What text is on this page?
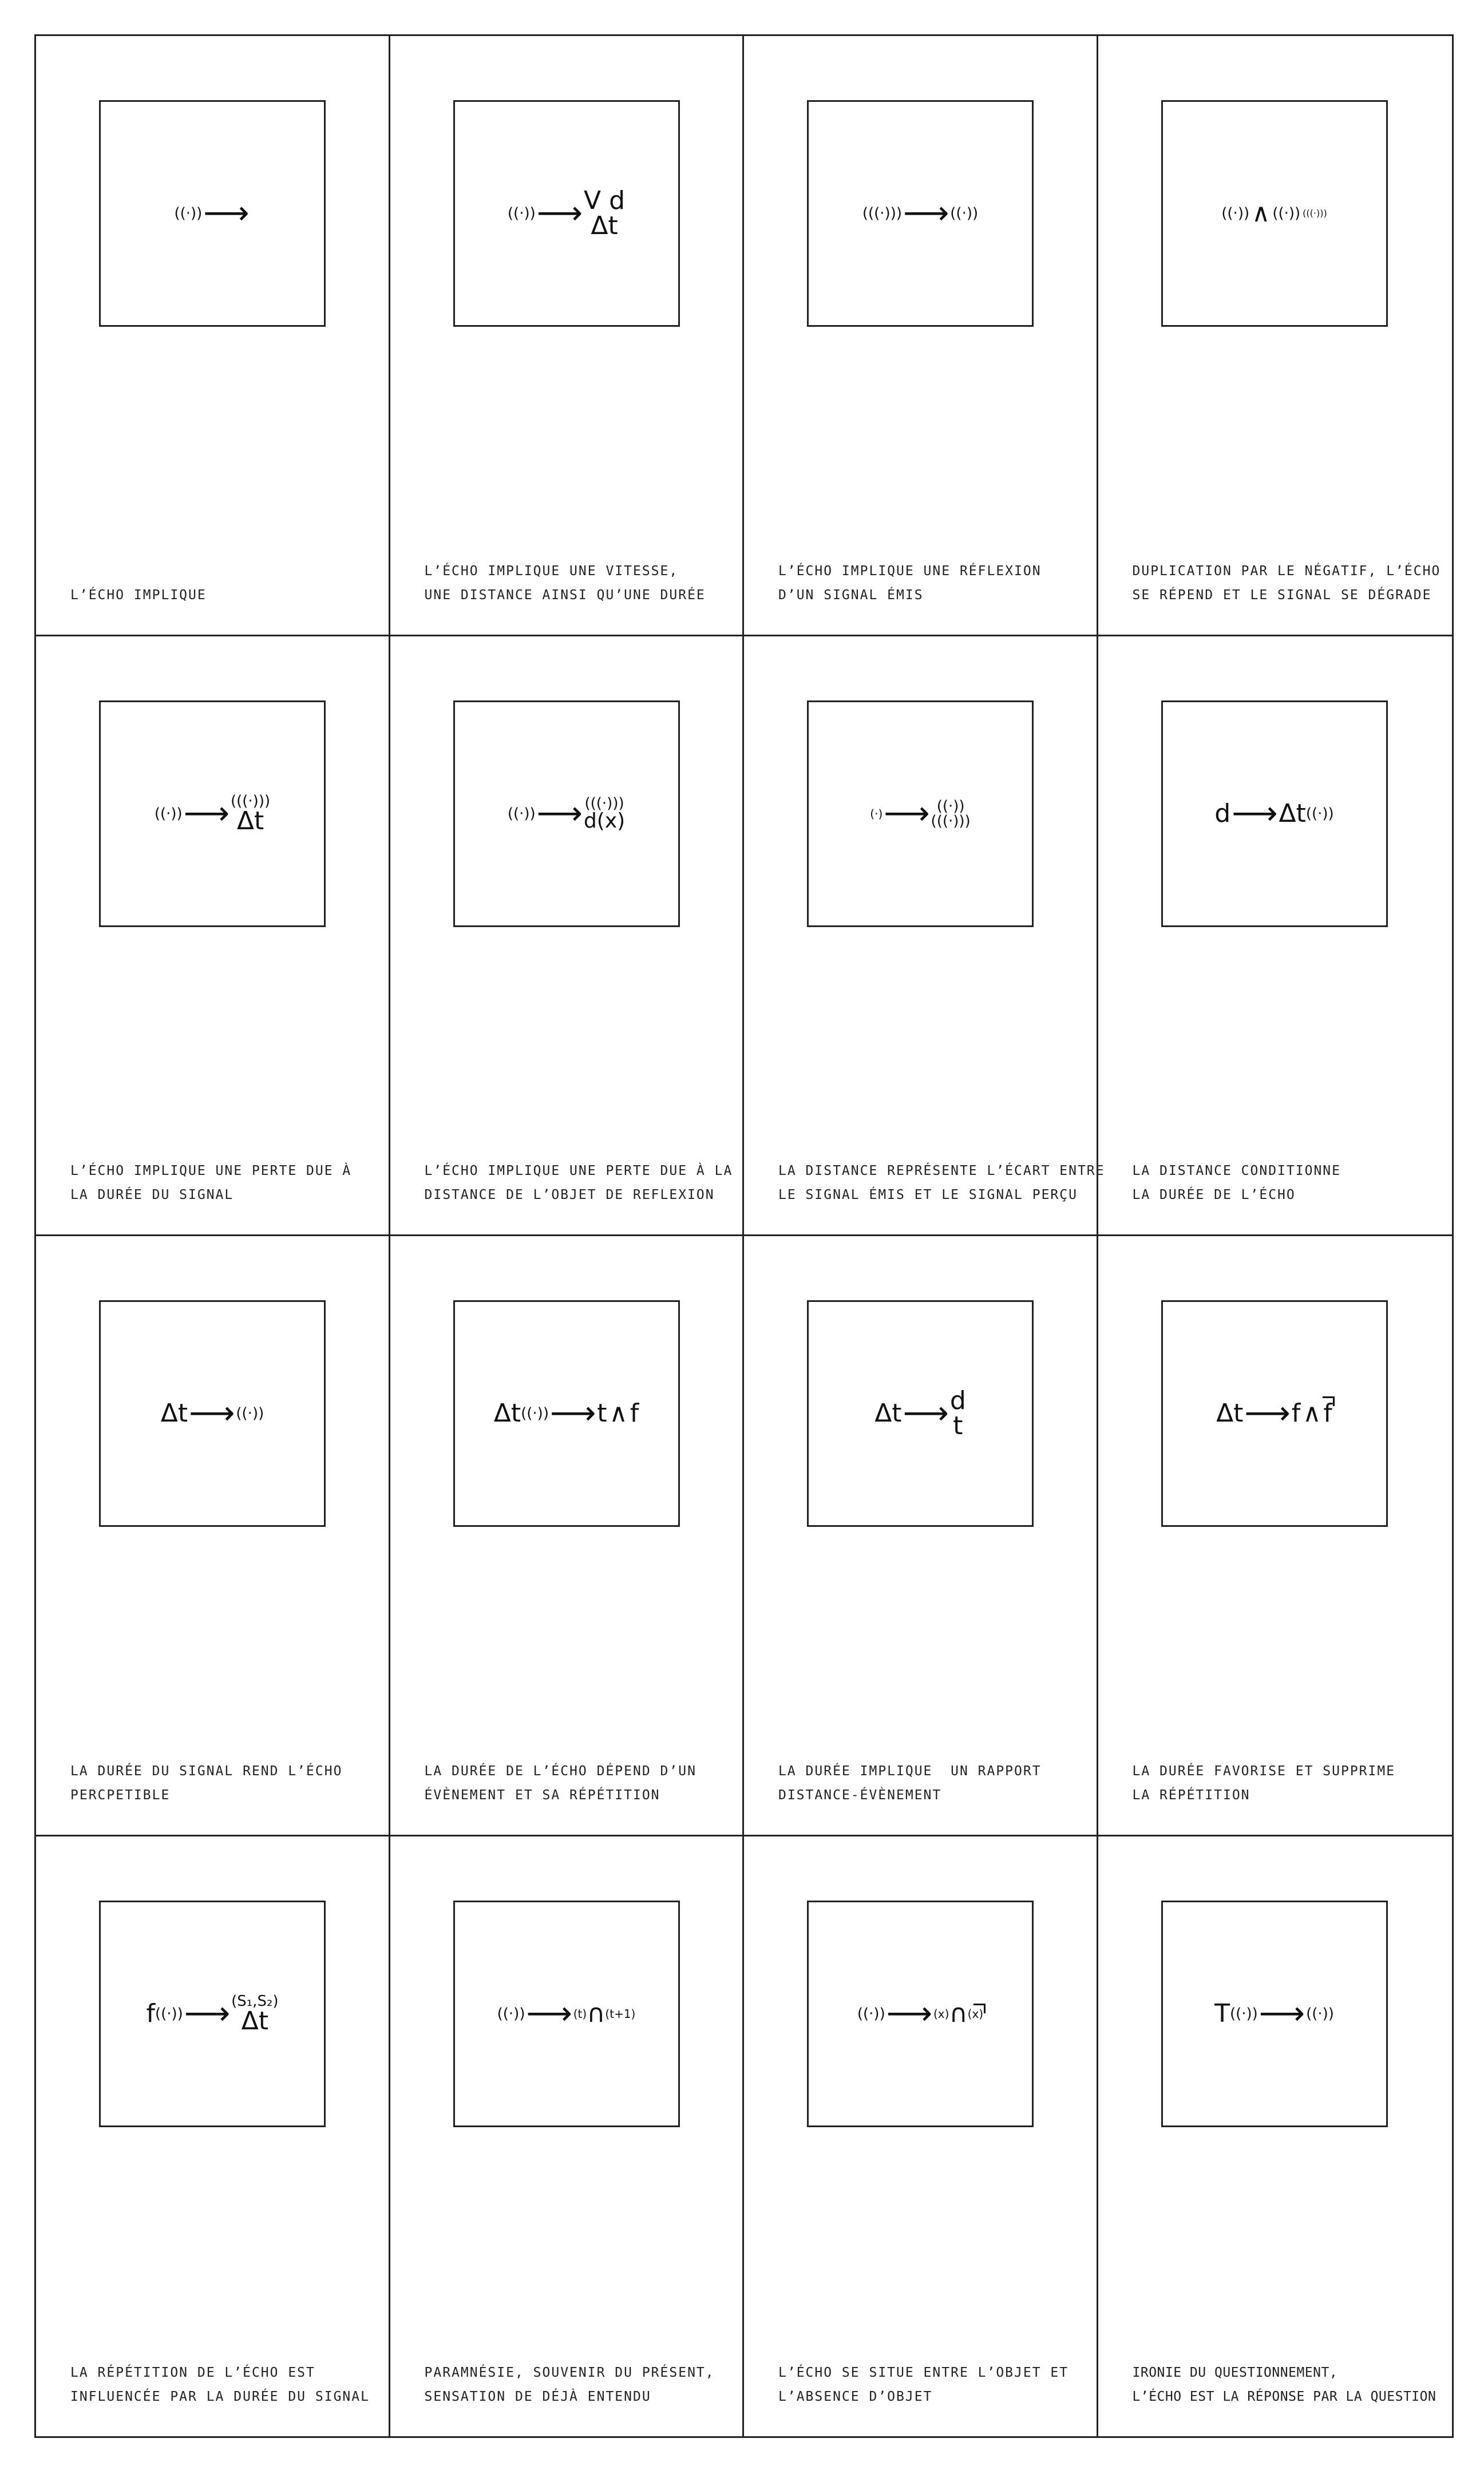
((·)) ⟶
L’ÉCHO IMPLIQUE
((·)) ⟶ V d
Δt
L’ÉCHO IMPLIQUE UNE VITESSE,
UNE DISTANCE AINSI QU’UNE DURÉE
(((·))) ⟶ ((·))
L’ÉCHO IMPLIQUE UNE RÉFLEXION
D’UN SIGNAL ÉMIS
((·)) ∧ ((·)) (((·)))
DUPLICATION PAR LE NÉGATIF, L’ÉCHO
SE RÉPEND ET LE SIGNAL SE DÉGRADE
((·)) ⟶ (((·)))
Δt
L’ÉCHO IMPLIQUE UNE PERTE DUE À
LA DURÉE DU SIGNAL
((·)) ⟶ (((·)))
d(x)
L’ÉCHO IMPLIQUE UNE PERTE DUE À LA
DISTANCE DE L’OBJET DE REFLEXION
(·) ⟶ ((·))
(((·)))
LA DISTANCE REPRÉSENTE L’ÉCART ENTRE
LE SIGNAL ÉMIS ET LE SIGNAL PERÇU
d ⟶ Δt ((·))
LA DISTANCE CONDITIONNE
LA DURÉE DE L’ÉCHO
Δt ⟶ ((·))
LA DURÉE DU SIGNAL REND L’ÉCHO
PERCPETIBLE
Δt ((·)) ⟶ t ∧ f
LA DURÉE DE L’ÉCHO DÉPEND D’UN
ÉVÈNEMENT ET SA RÉPÉTITION
Δt ⟶ d
t
LA DURÉE IMPLIQUE  UN RAPPORT
DISTANCE-ÉVÈNEMENT
Δt ⟶ f ∧ f
LA DURÉE FAVORISE ET SUPPRIME
LA RÉPÉTITION
f ((·)) ⟶ (S₁,S₂)
Δt
LA RÉPÉTITION DE L’ÉCHO EST
INFLUENCÉE PAR LA DURÉE DU SIGNAL
((·)) ⟶ (t) ∩ (t+1)
PARAMNÉSIE, SOUVENIR DU PRÉSENT,
SENSATION DE DÉJÀ ENTENDU
((·)) ⟶ (x) ∩ (x)
L’ÉCHO SE SITUE ENTRE L’OBJET ET
L’ABSENCE D’OBJET
T ((·)) ⟶ ((·))
IRONIE DU QUESTIONNEMENT,
L’ÉCHO EST LA RÉPONSE PAR LA QUESTION
